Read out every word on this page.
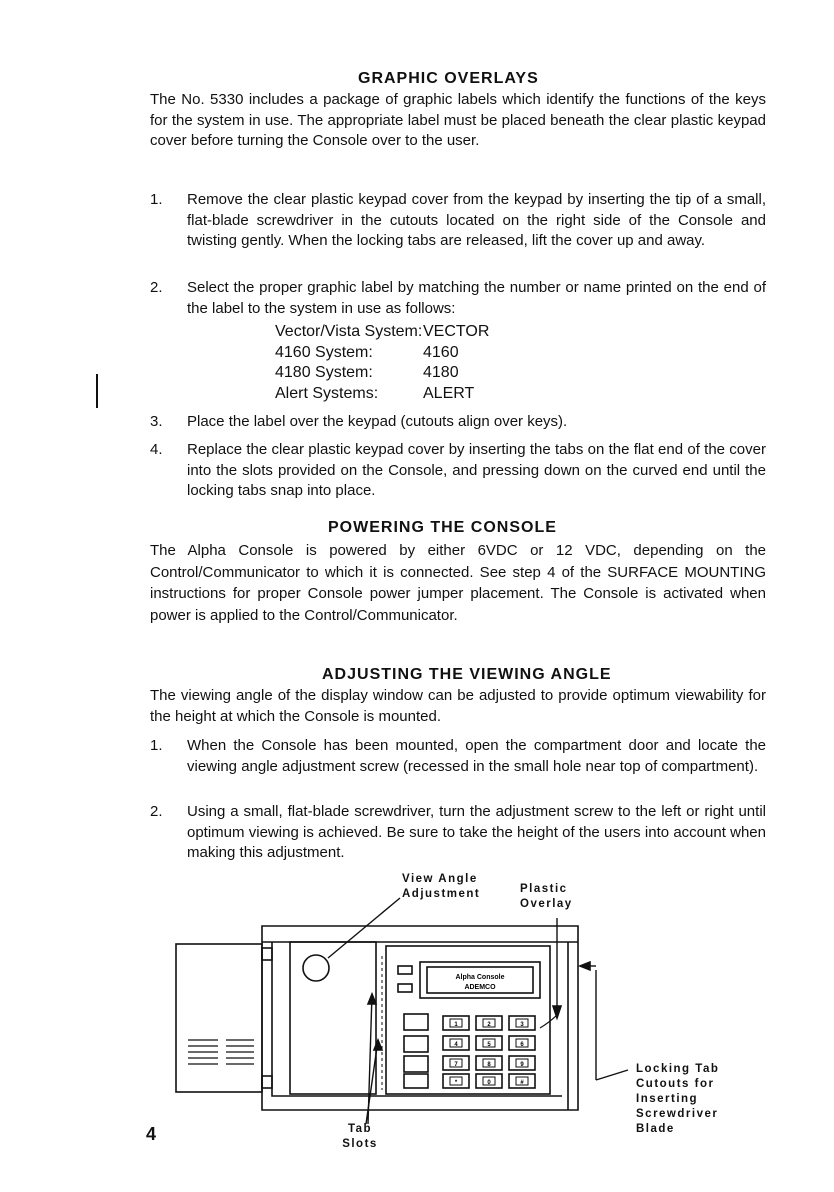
GRAPHIC OVERLAYS
The No. 5330 includes a package of graphic labels which identify the functions of the keys for the system in use. The appropriate label must be placed beneath the clear plastic keypad cover before turning the Console over to the user.
1. Remove the clear plastic keypad cover from the keypad by inserting the tip of a small, flat-blade screwdriver in the cutouts located on the right side of the Console and twisting gently. When the locking tabs are released, lift the cover up and away.
2. Select the proper graphic label by matching the number or name printed on the end of the label to the system in use as follows:
Vector/Vista System: VECTOR
4160 System:	4160
4180 System:	4180
Alert Systems:	ALERT
3. Place the label over the keypad (cutouts align over keys).
4. Replace the clear plastic keypad cover by inserting the tabs on the flat end of the cover into the slots provided on the Console, and pressing down on the curved end until the locking tabs snap into place.
POWERING THE CONSOLE
The Alpha Console is powered by either 6VDC or 12 VDC, depending on the Control/Communicator to which it is connected. See step 4 of the SURFACE MOUNTING instructions for proper Console power jumper placement. The Console is activated when power is applied to the Control/Communicator.
ADJUSTING THE VIEWING ANGLE
The viewing angle of the display window can be adjusted to provide optimum viewability for the height at which the Console is mounted.
1. When the Console has been mounted, open the compartment door and locate the viewing angle adjustment screw (recessed in the small hole near top of compartment).
2. Using a small, flat-blade screwdriver, turn the adjustment screw to the left or right until optimum viewing is achieved. Be sure to take the height of the users into account when making this adjustment.
Alpha Console
ADEMCO
1	2	3
4	5	6
7	8	9
*	0	#
View Angle Adjustment	Plastic Overlay
Locking Tab Cutouts for Inserting Screwdriver Blade
Tab Slots
4
